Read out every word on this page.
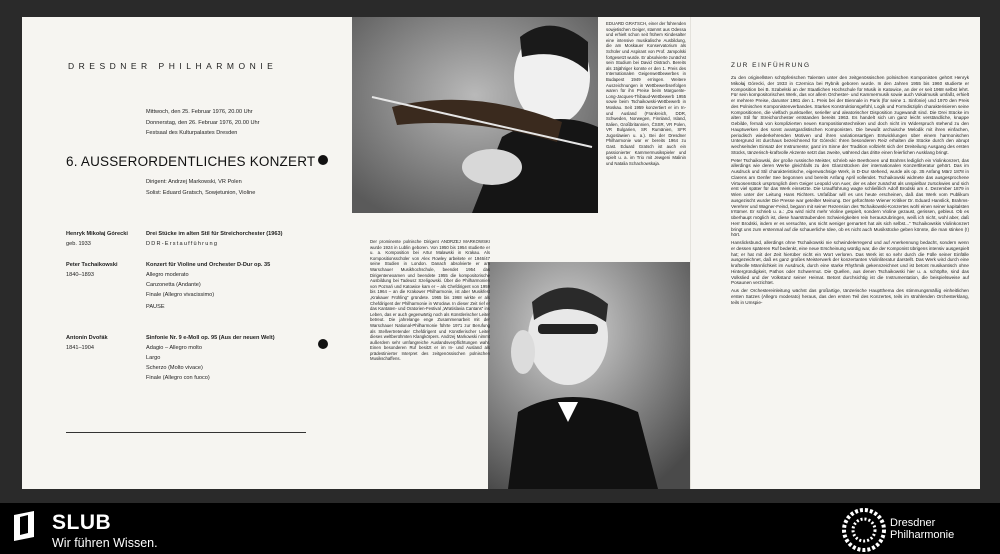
DRESDNER PHILHARMONIE
Mittwoch, den 25. Februar 1976, 20.00 Uhr
Donnerstag, den 26. Februar 1976, 20.00 Uhr
Festsaal des Kulturpalastes Dresden
6. AUSSERORDENTLICHES KONZERT
Dirigent: Andrzej Markowski, VR Polen
Solist: Eduard Gratsch, Sowjetunion, Violine
Henryk Mikołaj Górecki
geb. 1933
Drei Stücke im alten Stil für Streichorchester (1963)
DDR-Erstaufführung
Peter Tschaikowski
1840–1893
Konzert für Violine und Orchester D-Dur op. 35
Allegro moderato
Canzonetta (Andante)
Finale (Allegro vivacissimo)
PAUSE
Antonín Dvořák
1841–1904
Sinfonie Nr. 9 e-Moll op. 95 (Aus der neuen Welt)
Adagio – Allegro molto
Largo
Scherzo (Molto vivace)
Finale (Allegro con fuoco)
EDUARD GRATSCH, einer der führenden sowjetischen Geiger, stammt aus Odessa und erhielt schon seit frühem Kindesalter eine intensive musikalische Ausbildung, die am Moskauer Konservatorium als Schüler und Aspirant von Prof. Jampolski fortgesetzt wurde. Er absolvierte zunächst sein Studium bei David Oistrach. Bereits als 15jähriger konnte er den 1. Preis des Internationalen Geigenwettbewerbes in Budapest 1949 erringen. Weitere Auszeichnungen in Wettbewerbserfolgen waren für ihn Preise beim Marguerite-Long-Jacques-Thibaud-Wettbewerb 1955 sowie beim Tschaikowski-Wettbewerb in Moskau. Seit 1959 konzertiert er im In- und Ausland (Frankreich, DDR, Schweden, Norwegen, Finnland, Island, Italien, Großbritannien, ČSSR, VR Polen, VR Bulgarien, SR Rumänien, SFR Jugoslawien u. a.). Bei der Dresdner Philharmonie war er bereits 1964 zu Gast. Eduard Gratsch ist auch ein passionierter Kammermusikspieler und spielt u. a. im Trio mit Jewgeni Malinin und Natalia Schachowskaja.
Der prominente polnische Dirigent ANDRZEJ MARKOWSKI wurde 1924 in Lublin geboren. Von 1950 bis 1954 studierte er u. a. Komposition bei Artur Malawski in Krakau. Als Kompositionsschüler von Alex Rowley arbeitete er 1946/47 seine Studien in London. Danach absolvierte er am Warschauer Musikhochschule, beendet 1954 das Dirigentenexamen und beendete 1955 die kompositorische Ausbildung bei Tadeusz Szeligowski. Über die Philharmonien von Poznań und Katowice kam er – als Chefdirigent von 1959 bis 1964 – an die Krakower Philharmonie, ist aber Musikfest „Krakauer Frühling“ gründete. 1965 bis 1968 wirkte er als Chefdirigent der Philharmonie in Wrocław. In dieser Zeit rief er das Kantaten- und Oratorien-Festival „Wratislavia Cantans“ ins Leben, das er auch gegenwärtig noch als Künstlerischer Leiter betreut. Die jahrelange enge Zusammenarbeit mit der Warschauer National-Philharmonie führte 1971 zur Berufung als Stellvertretender Chefdirigent und Künstlerischer Leiter dieses weltberühmten Klangkörpers. Andrzej Markowski nimmt außerdem sehr umfangreiche Auslandsverpflichtungen wahr. Einen besonderen Ruf besitzt er im In- und Ausland als prädestinierter Interpret des zeitgenössischen polnischen Musikschaffens.
ZUR EINFÜHRUNG

Zu den originellsten schöpferischen Talenten unter den zeitgenössischen polnischen Komponisten gehört Henryk Mikołaj Górecki, der 1933 in Czernica bei Rybnik geboren wurde. In den Jahren 1955 bis 1960 studierte er Komposition bei B. Szabelski an der Staatlichen Hochschule für Musik in Katowice, an der er seit 1968 selbst lehrt. Für sein kompositorisches Werk, das vor allem Orchester- und Kammermusik sowie auch Vokalmusik umfaßt, erhielt er mehrere Preise, darunter 1961 den 1. Preis bei der Biennale in Paris (für seine 1. Sinfonie) und 1970 den Preis des Polnischen Komponistenverbandes. Starkes Konstruktionsgefühl, Logik und Formdisziplin charakterisieren seine Kompositionen, die vielfach punktueller, serieller und aleatorischer Disposition zugewandt sind. Die Drei Stücke im alten Stil für Streichorchester entstanden bereits 1963. Es handelt sich um ganz leicht verständliche, knappe Gebilde, fernab von komplizierten neuen Kompositionstechniken und doch nicht im Widerspruch stehend zu den Hauptwerken des sonst avantgardistischen Komponisten. Die bewußt archaische Melodik mit ihren einfachen, periodisch wiederkehrenden Motiven und ihren variationsartigen Entwicklungen über einem harmonischen Untergrund ist durchaus bezeichnend für Górecki: Ihren besonderen Reiz erhalten die Stücke durch den abrupt wechselnden Einsatz der Instrumente; ganz im Sinne der Tradition vollzieht sich der Dreiteilung Ausgang des ersten Stücks, tänzerisch-kraftvolle Akzente setzt das zweite, während das dritte einen feierlichen Ausklang bringt.

Peter Tschaikowski, der große russische Meister, schrieb wie Beethoven und Brahms lediglich ein Violinkonzert, das allerdings wie deren Werke gleichfalls zu den Glanzstücken der internationalen Konzertliteratur gehört. Das im Ausdruck und Stil charakteristische, eigenwüchsige Werk, in D-Dur stehend, wurde als op. 35 Anfang März 1878 in Clarens am Genfer See begonnen und bereits Anfang April vollendet. Tschaikowski widmete das ausgesprochene Virtuosenstück ursprünglich dem Geiger Leopold von Auer, der es aber zunächst als unspielbar zurückwies und sich erst viel später für das Werk einsetzte. Die Uraufführung wagte schließlich Adolf Brodski am 4. Dezember 1879 in Wien unter der Leitung Hans Richters. Unfaßbar will es uns heute erscheinen, daß das Werk vom Publikum ausgezischt wurde! Die Presse war geteilter Meinung. Der gefürchtete Wiener Kritiker Dr. Eduard Hanslick, Brahms-Verehrer und Wagner-Feind, begann mit seiner Rezension des Tschaikowski-Konzertes wohl einen seiner kapitalsten Irrtümer. Er schrieb u. a.: „Da wird nicht mehr Violine gespielt, sondern Violine gezaust, gerissen, gebleut. Ob es überhaupt möglich ist, diese haarsträubenden Schwierigkeiten rein herauszubringen, weiß ich nicht, wohl aber, daß Herr Brodski, indem er es versuchte, uns nicht weniger gemartert hat als sich selbst...“ Tschaikowskis Violinkonzert bringt uns zum erstenmal auf die schauerliche Idee, ob es nicht auch Musikstücke geben könnte, die man stinken (!) hört.

Hanslicksbund, allerdings ohne Tschaikowski nie schwindelerregend und auf Anerkennung bedacht, sondern wenn er dessen späteren Ruf bedenkt, eine neue Erscheinung würdig war, die der Komponist übrigens intensiv ausgespielt hat; er hat mit der Zeit hierüber nicht ein Wort verloren. Das Werk ist so sehr durch die Fülle seiner Einfälle ausgezeichnet, daß es ganz großes Meisterwerk der konzertanten Violinliteratur darstellt. Das Werk wird durch eine kraftvolle Männlichkeit im Ausdruck, durch eine starke Rhythmik gekennzeichnet und ist betont musikantisch ohne Hintergründigkeit, Pathos oder Schwermut. Die Quellen, aus denen Tschaikowski hier u. a. schöpfte, sind das Volkslied und der Volkstanz seiner Heimat. Betont durchsichtig ist die Instrumentation, die beispielsweise auf Posaunen verzichtet.

Aus der Orchestereinleitung wächst das großartige, tänzerische Hauptthema des stimmungsmäßig einheitlichen ersten Satzes (Allegro moderato) heraus, das den ersten Teil des Konzertes, teils im strahlenden Orchesterklang, teils in Umspie-

SLUB
Wir führen Wissen.
Dresdner
Philharmonie
